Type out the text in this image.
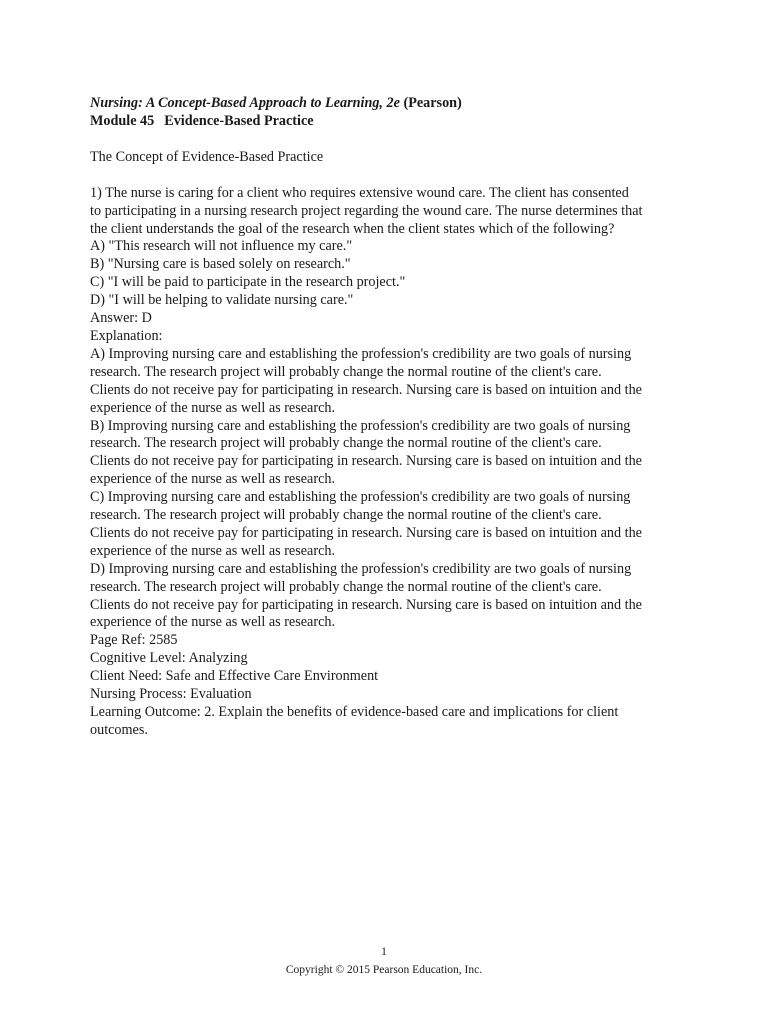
Nursing: A Concept-Based Approach to Learning, 2e (Pearson)
Module 45 Evidence-Based Practice
The Concept of Evidence-Based Practice
1) The nurse is caring for a client who requires extensive wound care. The client has consented
to participating in a nursing research project regarding the wound care. The nurse determines that
the client understands the goal of the research when the client states which of the following?
A) "This research will not influence my care."
B) "Nursing care is based solely on research."
C) "I will be paid to participate in the research project."
D) "I will be helping to validate nursing care."
Answer: D
Explanation:
A) Improving nursing care and establishing the profession's credibility are two goals of nursing
research. The research project will probably change the normal routine of the client's care.
Clients do not receive pay for participating in research. Nursing care is based on intuition and the
experience of the nurse as well as research.
B) Improving nursing care and establishing the profession's credibility are two goals of nursing
research. The research project will probably change the normal routine of the client's care.
Clients do not receive pay for participating in research. Nursing care is based on intuition and the
experience of the nurse as well as research.
C) Improving nursing care and establishing the profession's credibility are two goals of nursing
research. The research project will probably change the normal routine of the client's care.
Clients do not receive pay for participating in research. Nursing care is based on intuition and the
experience of the nurse as well as research.
D) Improving nursing care and establishing the profession's credibility are two goals of nursing
research. The research project will probably change the normal routine of the client's care.
Clients do not receive pay for participating in research. Nursing care is based on intuition and the
experience of the nurse as well as research.
Page Ref: 2585
Cognitive Level: Analyzing
Client Need: Safe and Effective Care Environment
Nursing Process: Evaluation
Learning Outcome: 2. Explain the benefits of evidence-based care and implications for client
outcomes.
1
Copyright © 2015 Pearson Education, Inc.
